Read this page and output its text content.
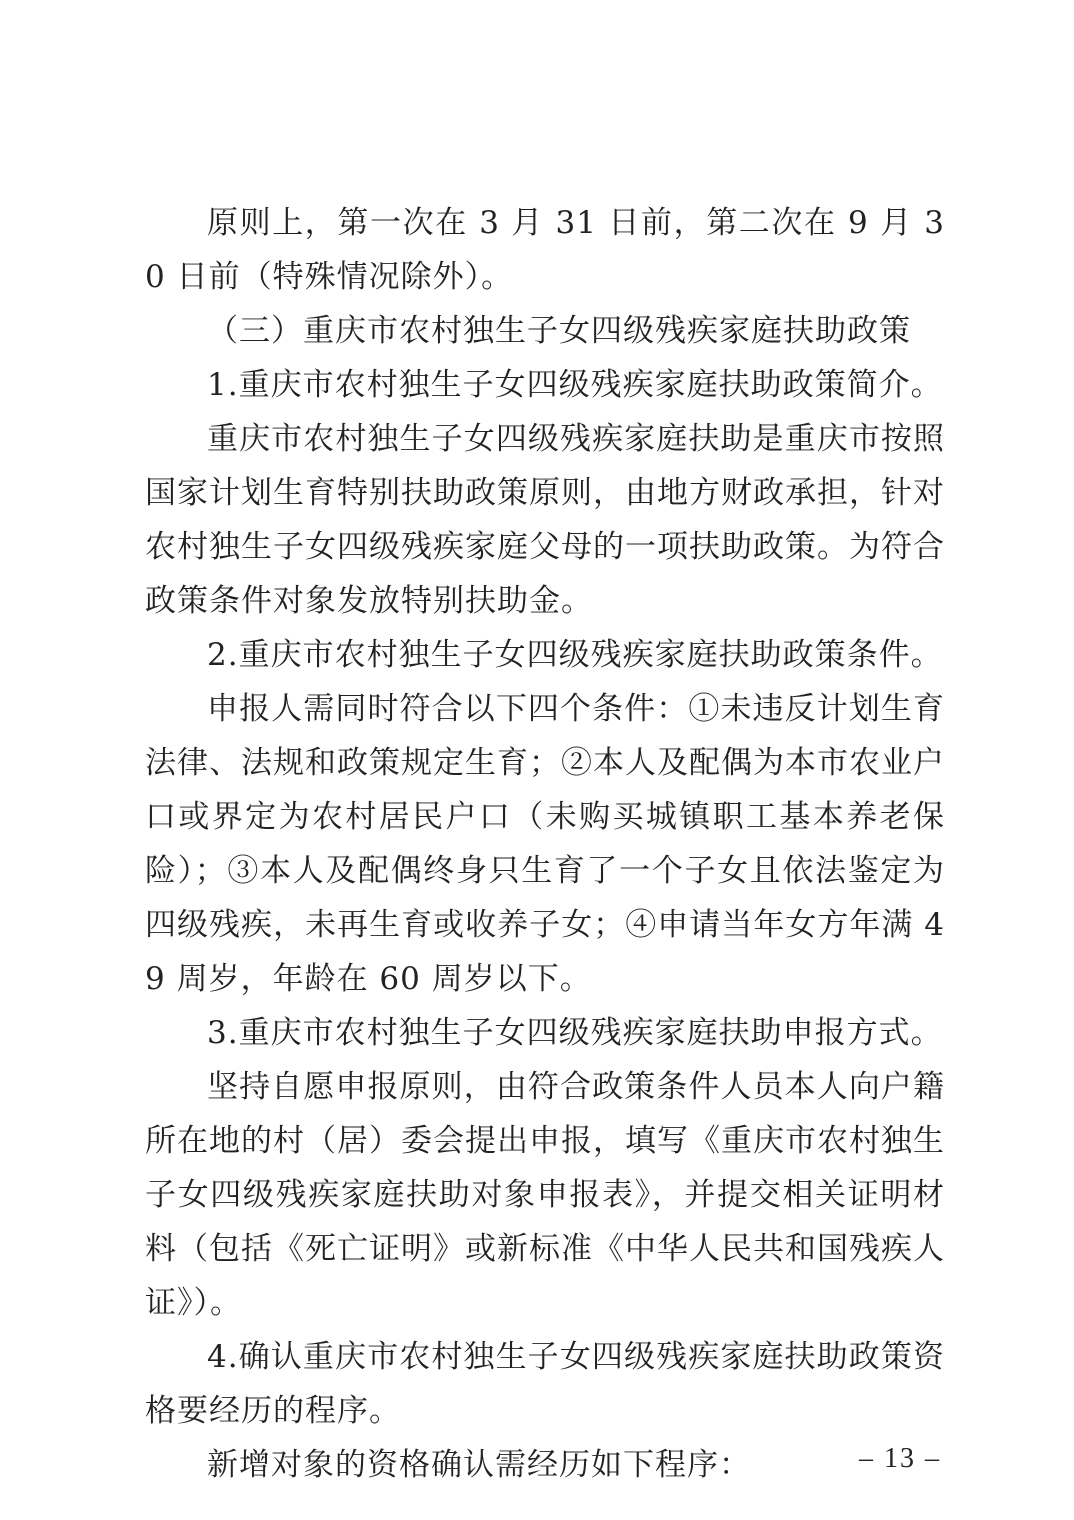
原则上，第一次在 3 月 31 日前，第二次在 9 月 30 日前（特殊情况除外）。

（三）重庆市农村独生子女四级残疾家庭扶助政策

1.重庆市农村独生子女四级残疾家庭扶助政策简介。

重庆市农村独生子女四级残疾家庭扶助是重庆市按照国家计划生育特别扶助政策原则，由地方财政承担，针对农村独生子女四级残疾家庭父母的一项扶助政策。为符合政策条件对象发放特别扶助金。

2.重庆市农村独生子女四级残疾家庭扶助政策条件。

申报人需同时符合以下四个条件：①未违反计划生育法律、法规和政策规定生育；②本人及配偶为本市农业户口或界定为农村居民户口（未购买城镇职工基本养老保险）；③本人及配偶终身只生育了一个子女且依法鉴定为四级残疾，未再生育或收养子女；④申请当年女方年满 49 周岁，年龄在 60 周岁以下。

3.重庆市农村独生子女四级残疾家庭扶助申报方式。

坚持自愿申报原则，由符合政策条件人员本人向户籍所在地的村（居）委会提出申报，填写《重庆市农村独生子女四级残疾家庭扶助对象申报表》，并提交相关证明材料（包括《死亡证明》或新标准《中华人民共和国残疾人证》）。

4.确认重庆市农村独生子女四级残疾家庭扶助政策资格要经历的程序。

新增对象的资格确认需经历如下程序：	– 13 –
